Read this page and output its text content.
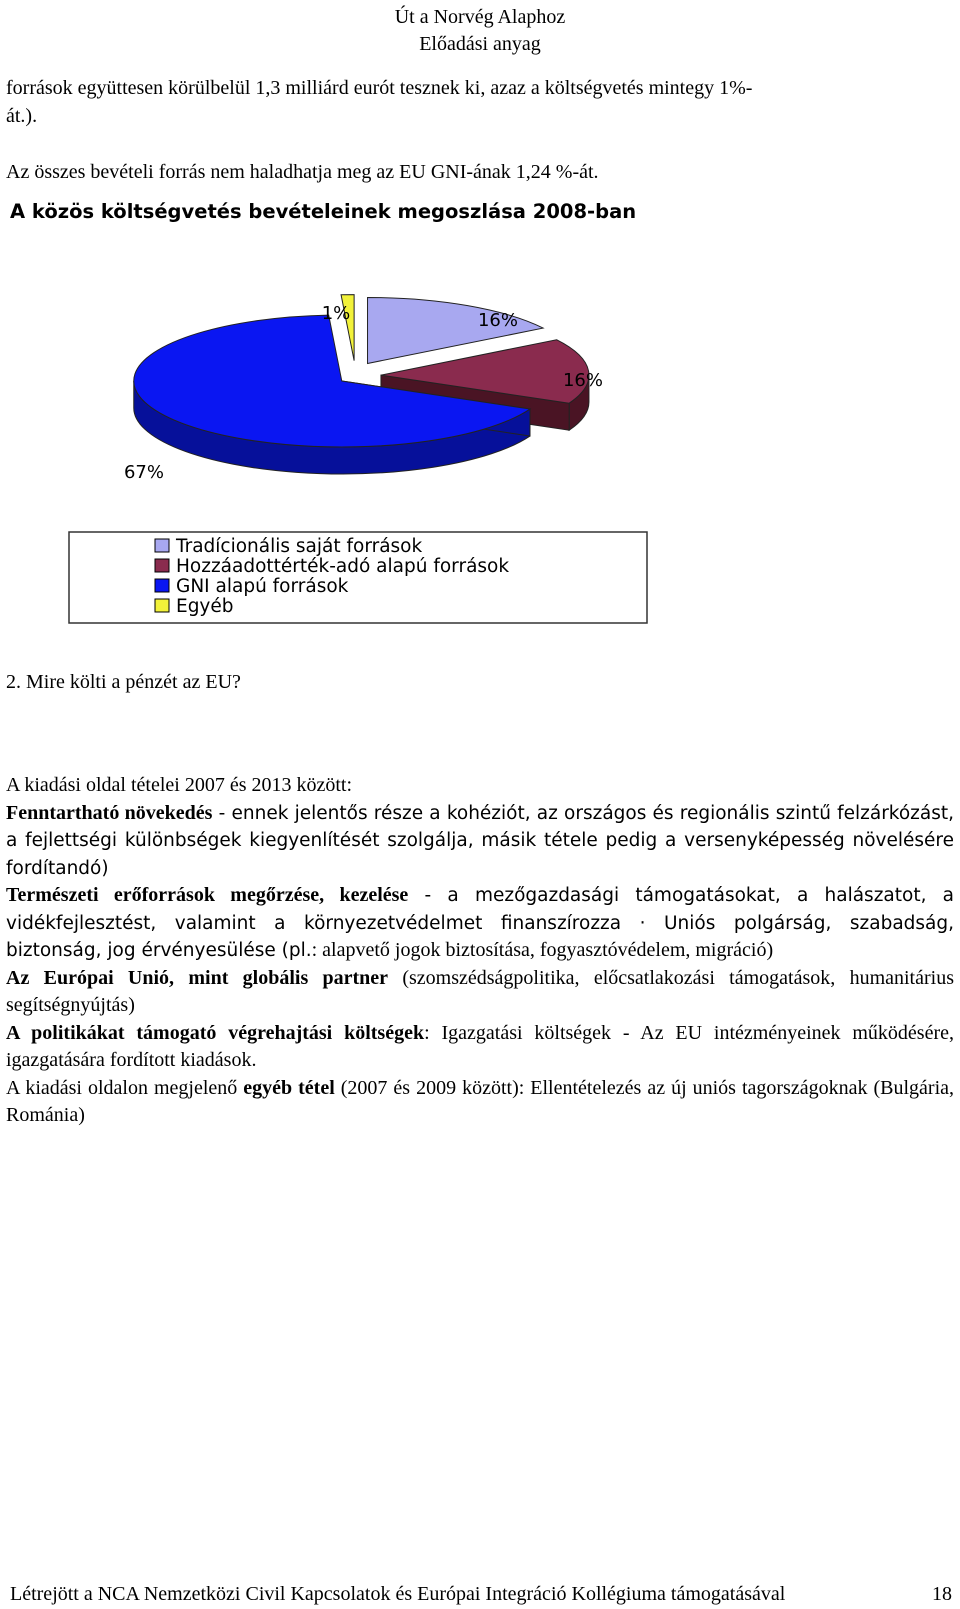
Út a Norvég Alaphoz
Előadási anyag
források együttesen körülbelül 1,3 milliárd eurót tesznek ki, azaz a költségvetés mintegy 1%-
át.).
Az összes bevételi forrás nem haladhatja meg az EU GNI-ának 1,24 %-át.
A közös költségvetés bevételeinek megoszlása 2008-ban
16%
16%
67%
1%
Tradícionális saját források
Hozzáadottérték-adó alapú források
GNI alapú források
Egyéb
2. Mire költi a pénzét az EU?

A kiadási oldal tételei 2007 és 2013 között:

Fenntartható növekedés - ennek jelentős része a kohéziót, az országos és regionális szintű felzárkózást, a fejlettségi különbségek kiegyenlítését szolgálja, másik tétele pedig a versenyképesség növelésére fordítandó)

Természeti erőforrások megőrzése, kezelése - a mezőgazdasági támogatásokat, a halászatot, a vidékfejlesztést, valamint a környezetvédelmet finanszírozza · Uniós polgárság, szabadság, biztonság, jog érvényesülése (pl.: alapvető jogok biztosítása, fogyasztóvédelem, migráció)

Az Európai Unió, mint globális partner (szomszédságpolitika, előcsatlakozási támogatások, humanitárius segítségnyújtás)

A politikákat támogató végrehajtási költségek: Igazgatási költségek - Az EU intézményeinek működésére, igazgatására fordított kiadások.

A kiadási oldalon megjelenő egyéb tétel (2007 és 2009 között): Ellentételezés az új uniós tagországoknak (Bulgária, Románia)

Létrejött a NCA Nemzetközi Civil Kapcsolatok és Európai Integráció Kollégiuma támogatásával	18
